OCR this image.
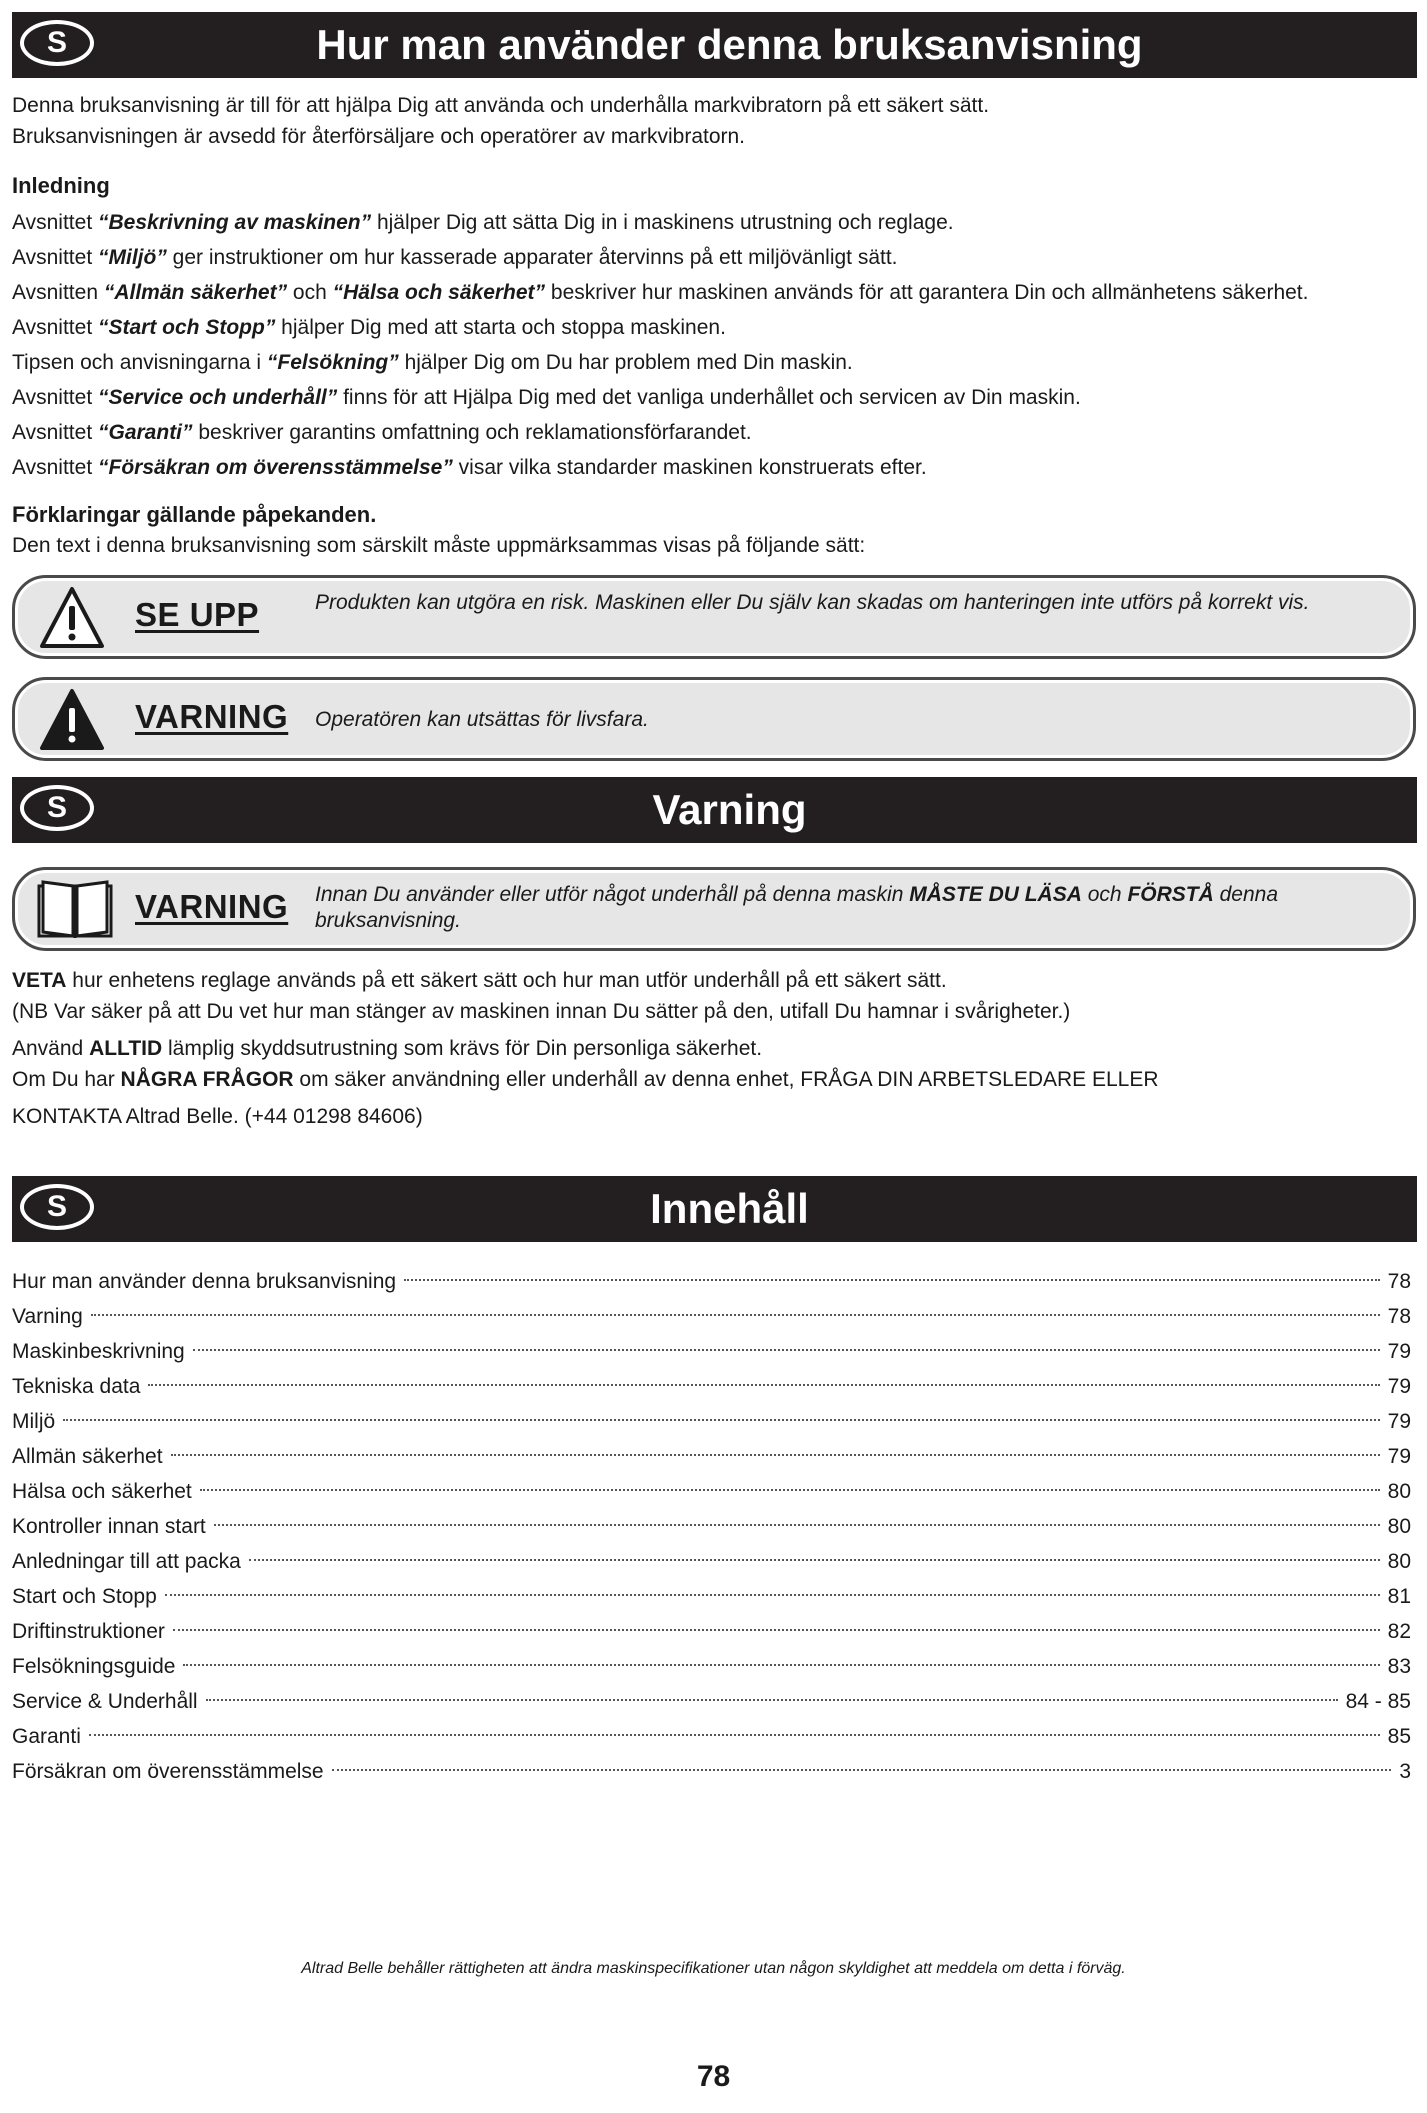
S	Hur man använder denna bruksanvisning

Denna bruksanvisning är till för att hjälpa Dig att använda och underhålla markvibratorn på ett säkert sätt.

Bruksanvisningen är avsedd för återförsäljare och operatörer av markvibratorn.

Inledning

Avsnittet “Beskrivning av maskinen” hjälper Dig att sätta Dig in i maskinens utrustning och reglage.

Avsnittet “Miljö” ger instruktioner om hur kasserade apparater återvinns på ett miljövänligt sätt.

Avsnitten “Allmän säkerhet” och “Hälsa och säkerhet” beskriver hur maskinen används för att garantera Din och allmänhetens säkerhet.

Avsnittet “Start och Stopp” hjälper Dig med att starta och stoppa maskinen.

Tipsen och anvisningarna i “Felsökning” hjälper Dig om Du har problem med Din maskin.

Avsnittet “Service och underhåll” finns för att Hjälpa Dig med det vanliga underhållet och servicen av Din maskin.

Avsnittet “Garanti” beskriver garantins omfattning och reklamationsförfarandet.

Avsnittet “Försäkran om överensstämmelse” visar vilka standarder maskinen konstruerats efter.

Förklaringar gällande påpekanden.

Den text i denna bruksanvisning som särskilt måste uppmärksammas visas på följande sätt:

SE UPP	Produkten kan utgöra en risk. Maskinen eller Du själv kan skadas om hanteringen inte utförs på korrekt vis.
VARNING Operatören kan utsättas för livsfara.
S	Varning
VARNING Innan Du använder eller utför något underhåll på denna maskin MÅSTE DU LÄSA och FÖRSTÅ denna bruksanvisning.

VETA hur enhetens reglage används på ett säkert sätt och hur man utför underhåll på ett säkert sätt.

(NB Var säker på att Du vet hur man stänger av maskinen innan Du sätter på den, utifall Du hamnar i svårigheter.)

Använd ALLTID lämplig skyddsutrustning som krävs för Din personliga säkerhet.

Om Du har NÅGRA FRÅGOR om säker användning eller underhåll av denna enhet, FRÅGA DIN ARBETSLEDARE ELLER

KONTAKTA Altrad Belle. (+44 01298 84606)

S	Innehåll
Hur man använder denna bruksanvisning	78
Varning	78
Maskinbeskrivning	79
Tekniska data	79
Miljö	79
Allmän säkerhet	79
Hälsa och säkerhet	80
Kontroller innan start	80
Anledningar till att packa	80
Start och Stopp	81
Driftinstruktioner	82
Felsökningsguide	83
Service & Underhåll	84 - 85
Garanti	85
Försäkran om överensstämmelse	3
Altrad Belle behåller rättigheten att ändra maskinspecifikationer utan någon skyldighet att meddela om detta i förväg.
78
